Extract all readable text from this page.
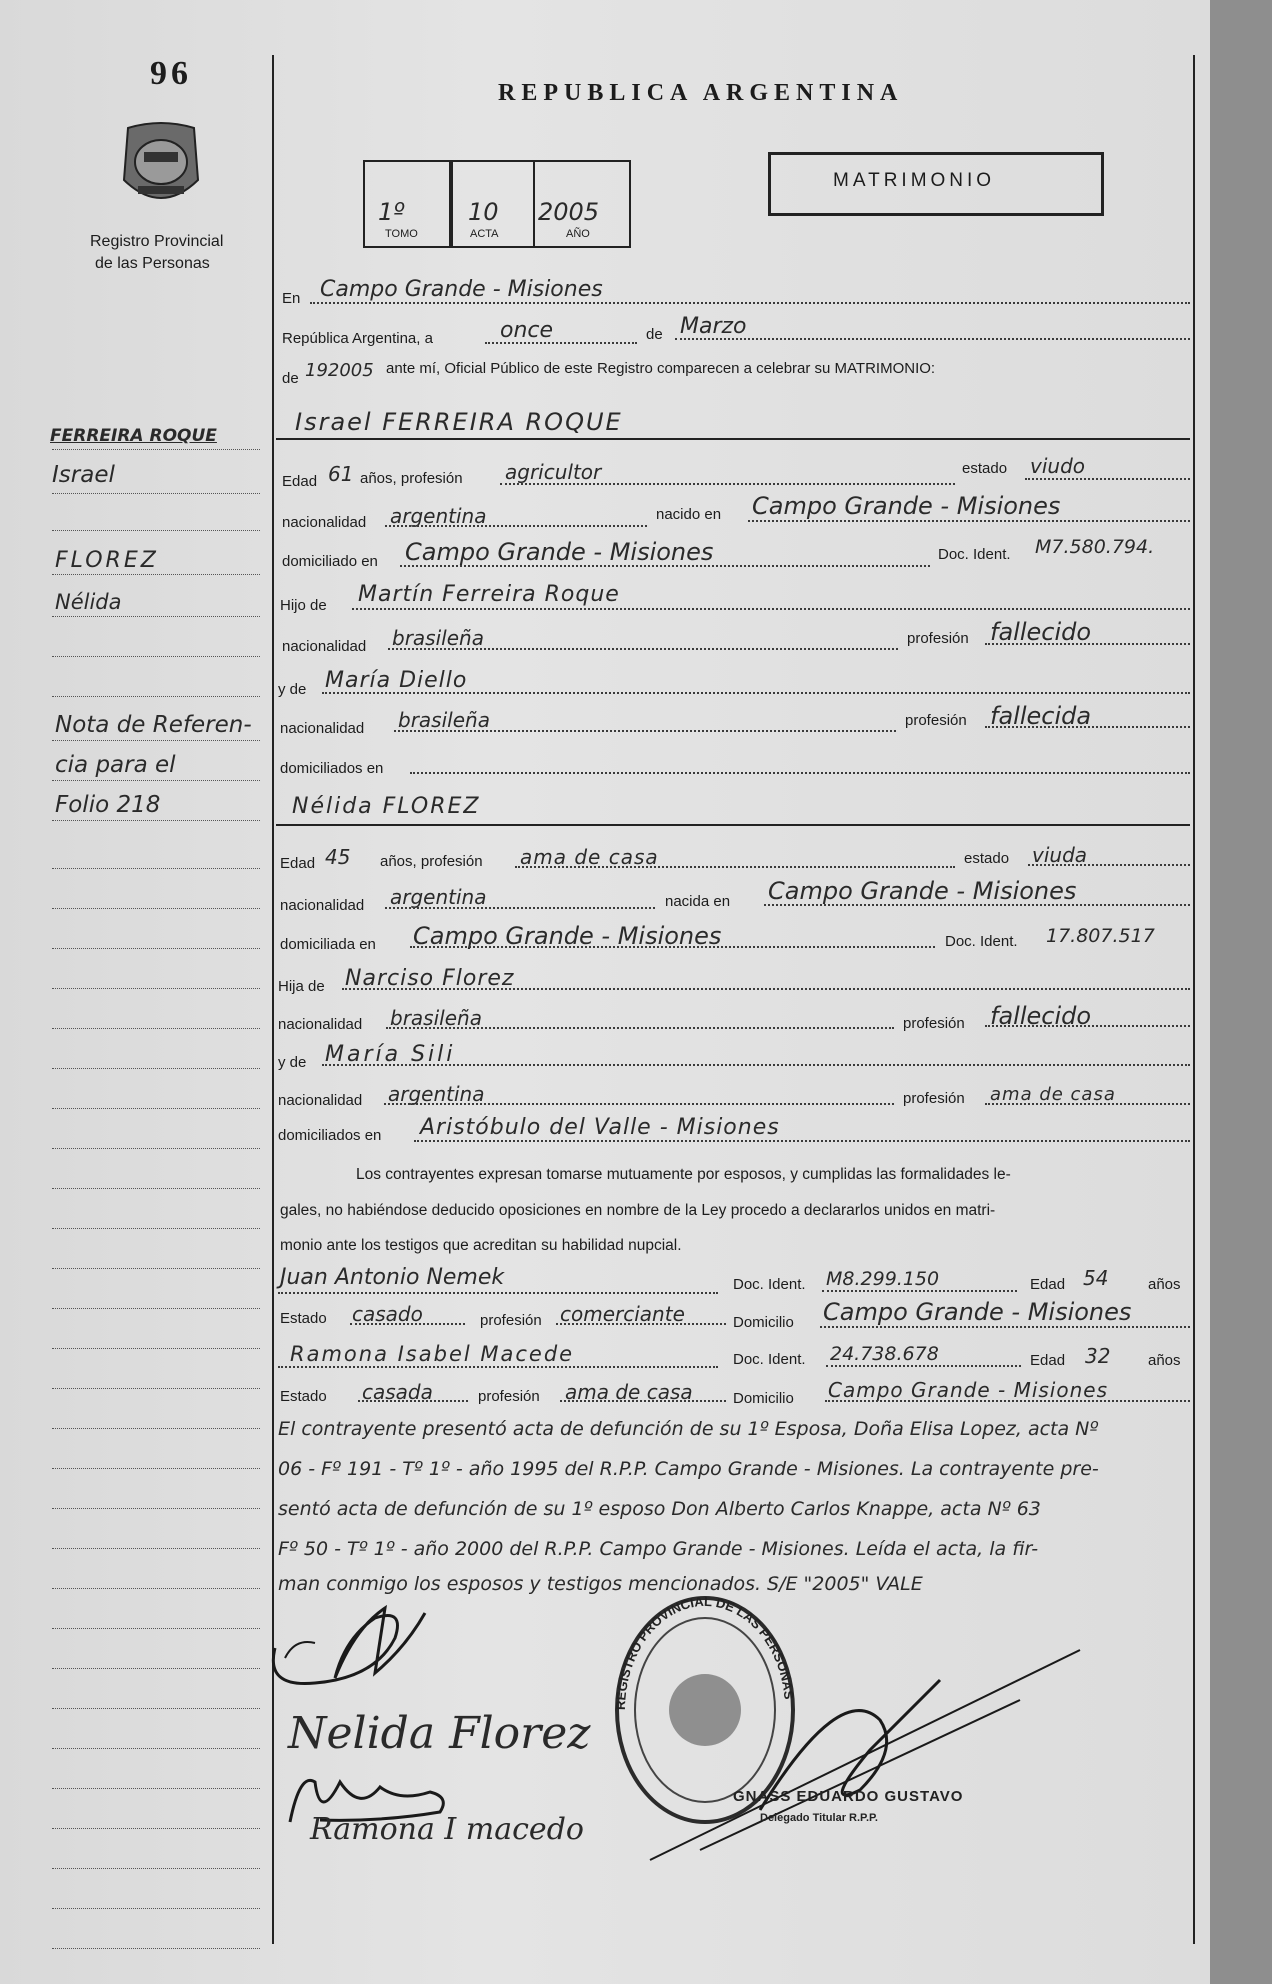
96
Registro Provincial
de las Personas
REPUBLICA ARGENTINA
1º	10 2005
TOMO	ACTA	AÑO
MATRIMONIO
En Campo Grande - Misiones
República Argentina, a	once	de Marzo
de 192005 ante mí, Oficial Público de este Registro comparecen a celebrar su MATRIMONIO:
Israel FERREIRA ROQUE
Edad 61 años, profesión agricultor	estado viudo
nacionalidad argentina	nacido en Campo Grande - Misiones
domiciliado en Campo Grande - Misiones	Doc. Ident. M7.580.794.
Hijo de Martín Ferreira Roque
nacionalidad brasileña	profesión fallecido
y de María Diello
nacionalidad brasileña	profesión fallecida
domiciliados en
Nélida FLOREZ
Edad 45 años, profesión ama de casa	estado viuda
nacionalidad argentina	nacida en Campo Grande - Misiones
domiciliada en Campo Grande - Misiones	Doc. Ident. 17.807.517
Hija de Narciso Florez
nacionalidad brasileña	profesión fallecido
y de María Sili
nacionalidad argentina	profesión ama de casa
domiciliados en Aristóbulo del Valle - Misiones
Los contrayentes expresan tomarse mutuamente por esposos, y cumplidas las formalidades le-
gales, no habiéndose deducido oposiciones en nombre de la Ley procedo a declararlos unidos en matri-
monio ante los testigos que acreditan su habilidad nupcial.
Juan Antonio Nemek	Doc. Ident. M8.299.150	Edad 54	años
Estado casado	profesión comerciante	Domicilio Campo Grande - Misiones
Ramona Isabel Macede	Doc. Ident. 24.738.678	Edad 32	años
Estado casada	profesión ama de casa	Domicilio Campo Grande - Misiones
El contrayente presentó acta de defunción de su 1º Esposa, Doña Elisa Lopez, acta Nº
06 - Fº 191 - Tº 1º - año 1995 del R.P.P. Campo Grande - Misiones. La contrayente pre-
sentó acta de defunción de su 1º esposo Don Alberto Carlos Knappe, acta Nº 63
Fº 50 - Tº 1º - año 2000 del R.P.P. Campo Grande - Misiones. Leída el acta, la fir-
man conmigo los esposos y testigos mencionados. S/E "2005" VALE
FERREIRA ROQUE
Israel
FLOREZ
Nélida
Nota de Referen-
cia para el
Folio 218
REGISTRO PROVINCIAL DE LAS PERSONAS
GNASS EDUARDO GUSTAVO
Delegado Titular R.P.P.
Nelida Florez
Ramona I macedo
